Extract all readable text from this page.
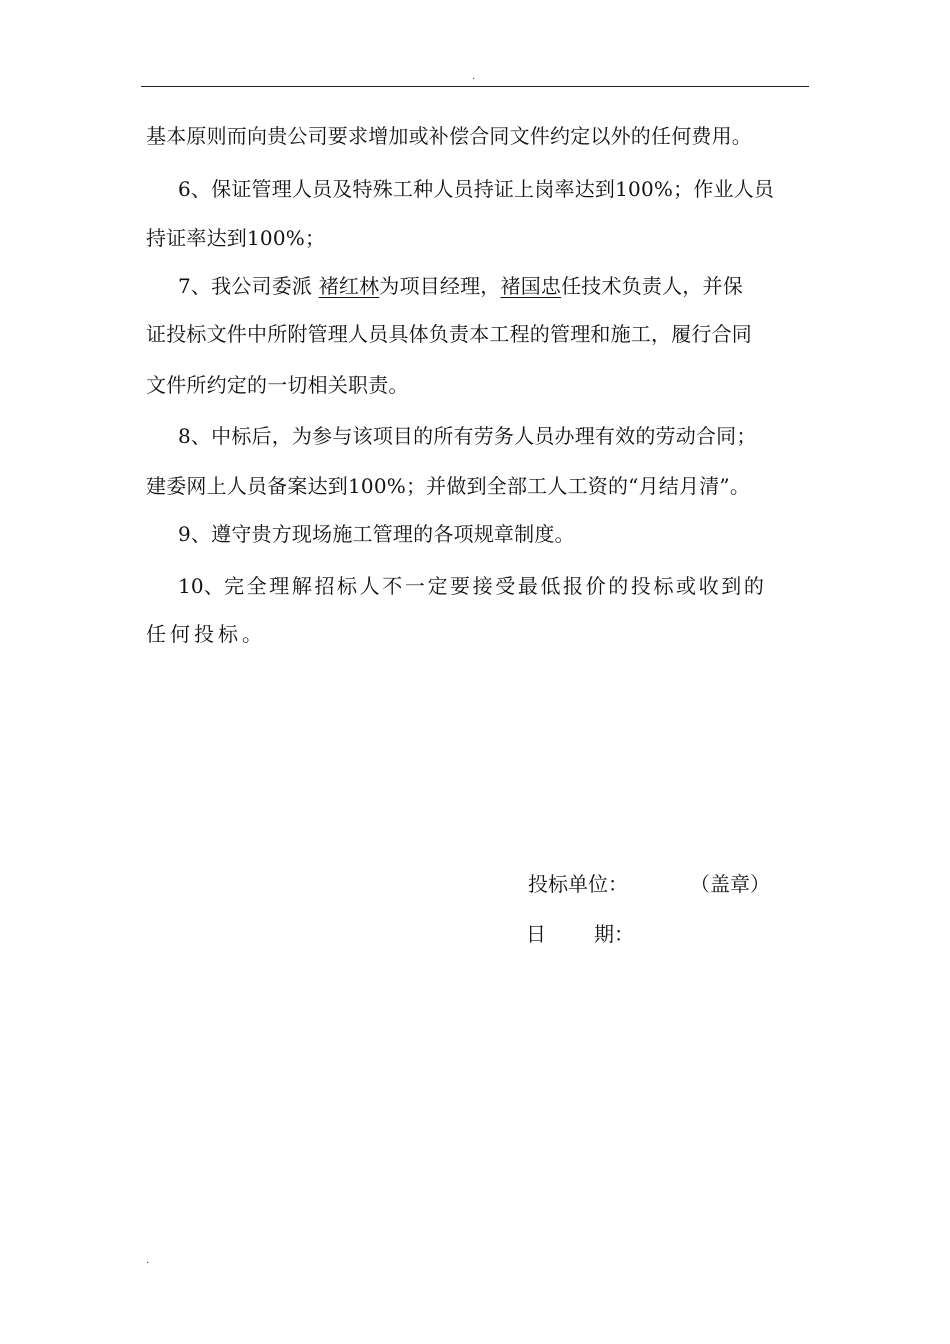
.
基本原则而向贵公司要求增加或补偿合同文件约定以外的任何费用。
6、保证管理人员及特殊工种人员持证上岗率达到100%；作业人员
持证率达到100%；
7、我公司委派 褚红林为项目经理，褚国忠任技术负责人，并保
证投标文件中所附管理人员具体负责本工程的管理和施工，履行合同
文件所约定的一切相关职责。
8、中标后，为参与该项目的所有劳务人员办理有效的劳动合同；
建委网上人员备案达到100%；并做到全部工人工资的“月结月清”。
9、遵守贵方现场施工管理的各项规章制度。
10、完全理解招标人不一定要接受最低报价的投标或收到的
任何投标。
投标单位：	（盖章）
日 期：
.
